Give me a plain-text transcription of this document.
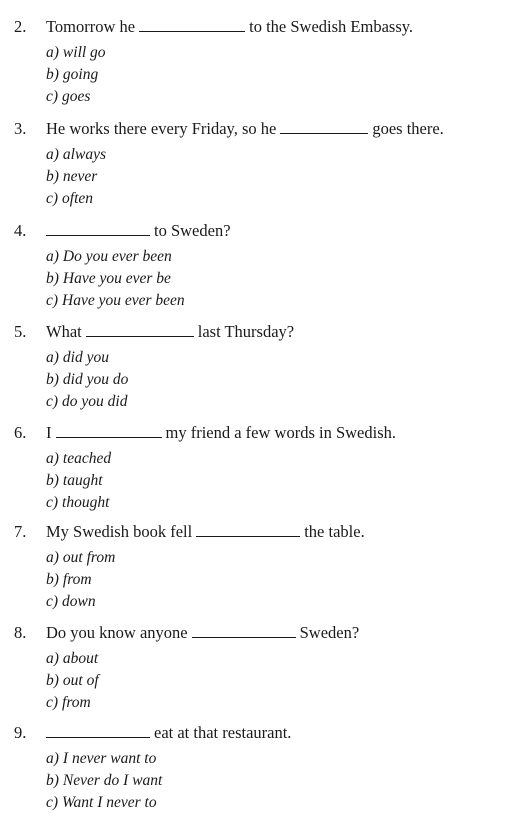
2. Tomorrow he	to the Swedish Embassy.
a) will go
b) going
c) goes
3. He works there every Friday, so he	goes there.
a) always
b) never
c) often
4.	to Sweden?
a) Do you ever been
b) Have you ever be
c) Have you ever been
5. What	last Thursday?
a) did you
b) did you do
c) do you did
6. I	my friend a few words in Swedish.
a) teached
b) taught
c) thought
7. My Swedish book fell	the table.
a) out from
b) from
c) down
8. Do you know anyone	Sweden?
a) about
b) out of
c) from
9.	eat at that restaurant.
a) I never want to
b) Never do I want
c) Want I never to
